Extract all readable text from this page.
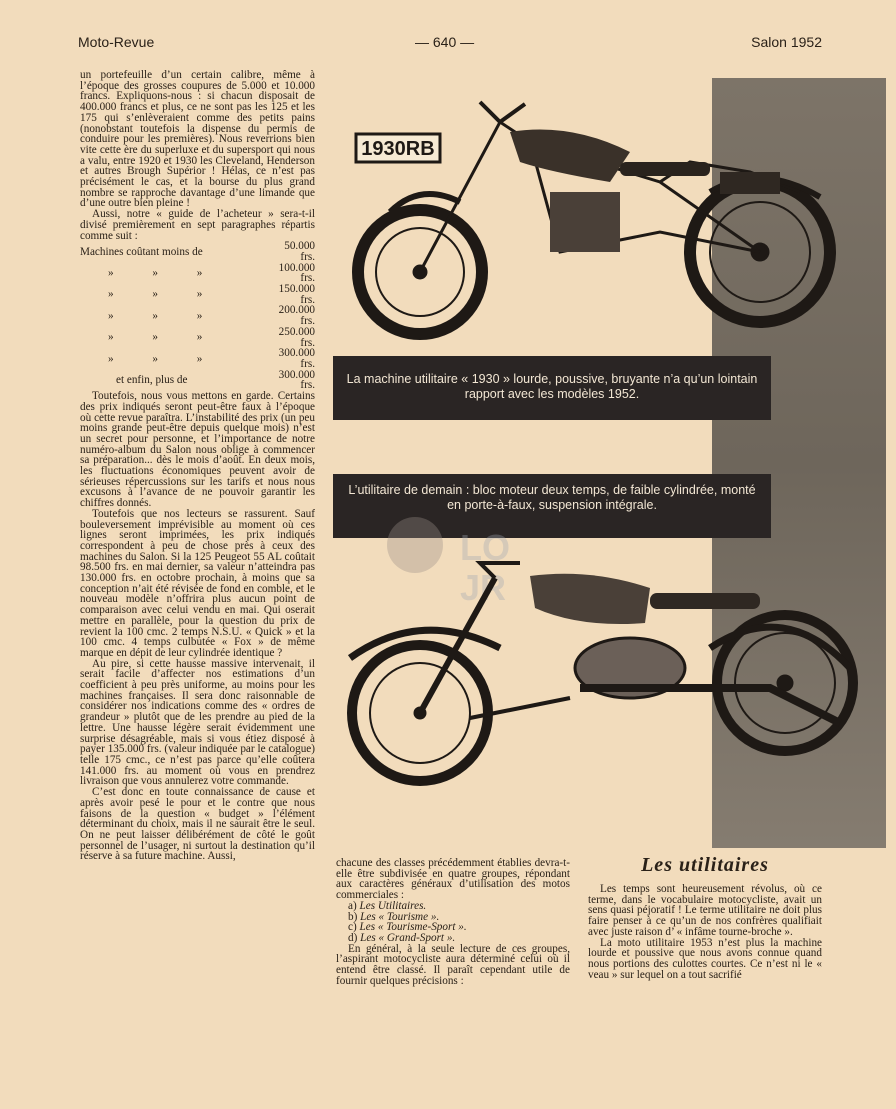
Moto-Revue	— 640 —	Salon 1952

un portefeuille d’un certain calibre, même à l’époque des grosses coupures de 5.000 et 10.000 francs. Expliquons-nous : si chacun disposait de 400.000 francs et plus, ce ne sont pas les 125 et les 175 qui s’enlèveraient comme des petits pains (nonobstant toutefois la dispense du permis de conduire pour les premières). Nous reverrions bien vite cette ère du superluxe et du supersport qui nous a valu, entre 1920 et 1930 les Cleveland, Henderson et autres Brough Supérior ! Hélas, ce n’est pas précisément le cas, et la bourse du plus grand nombre se rapproche davantage d’une limande que d’une outre bien pleine !

Aussi, notre « guide de l’acheteur » sera-t-il divisé premièrement en sept paragraphes répartis comme suit :

Machines coûtant moins de	50.000 frs.
» » »	100.000 frs.
» » »	150.000 frs.
» » »	200.000 frs.
» » »	250.000 frs.
» » »	300.000 frs.
et enfin, plus de	300.000 frs.

Toutefois, nous vous mettons en garde. Certains des prix indiqués seront peut-être faux à l’époque où cette revue paraîtra. L’instabilité des prix (un peu moins grande peut-être depuis quelque mois) n’est un secret pour personne, et l’importance de notre numéro-album du Salon nous oblige à commencer sa préparation... dès le mois d’août. En deux mois, les fluctuations économiques peuvent avoir de sérieuses répercussions sur les tarifs et nous nous excusons à l’avance de ne pouvoir garantir les chiffres donnés.

Toutefois que nos lecteurs se rassurent. Sauf bouleversement imprévisible au moment où ces lignes seront imprimées, les prix indiqués correspondent à peu de chose près à ceux des machines du Salon. Si la 125 Peugeot 55 AL coûtait 98.500 frs. en mai dernier, sa valeur n’atteindra pas 130.000 frs. en octobre prochain, à moins que sa conception n’ait été révisée de fond en comble, et le nouveau modèle n’offrira plus aucun point de comparaison avec celui vendu en mai. Qui oserait mettre en parallèle, pour la question du prix de revient la 100 cmc. 2 temps N.S.U. « Quick » et la 100 cmc. 4 temps culbutée « Fox » de même marque en dépit de leur cylindrée identique ?

Au pire, si cette hausse massive intervenait, il serait facile d’affecter nos estimations d’un coefficient à peu près uniforme, au moins pour les machines françaises. Il sera donc raisonnable de considérer nos indications comme des « ordres de grandeur » plutôt que de les prendre au pied de la lettre. Une hausse légère serait évidemment une surprise désagréable, mais si vous étiez disposé à payer 135.000 frs. (valeur indiquée par le catalogue) telle 175 cmc., ce n’est pas parce qu’elle coûtera 141.000 frs. au moment où vous en prendrez livraison que vous annulerez votre commande.

C’est donc en toute connaissance de cause et après avoir pesé le pour et le contre que nous faisons de la question « budget » l’élément déterminant du choix, mais il ne saurait être le seul. On ne peut laisser délibérément de côté le goût personnel de l’usager, ni surtout la destination qu’il réserve à sa future machine. Aussi,

1930RB
La machine utilitaire « 1930 » lourde, poussive, bruyante n’a qu’un lointain rapport avec les modèles 1952.
L’utilitaire de demain : bloc moteur deux temps, de faible cylindrée, monté en porte-à-faux, suspension intégrale.
LO
JR

chacune des classes précédemment établies devra-t-elle être subdivisée en quatre groupes, répondant aux caractères généraux d’utilisation des motos commerciales :

a) Les Utilitaires.
b) Les « Tourisme ».
c) Les « Tourisme-Sport ».
d) Les « Grand-Sport ».

En général, à la seule lecture de ces groupes, l’aspirant motocycliste aura déterminé celui où il entend être classé. Il paraît cependant utile de fournir quelques précisions :

Les utilitaires

Les temps sont heureusement révolus, où ce terme, dans le vocabulaire motocycliste, avait un sens quasi péjoratif ! Le terme utilitaire ne doit plus faire penser à ce qu’un de nos confrères qualifiait avec juste raison d’ « infâme tourne-broche ».

La moto utilitaire 1953 n’est plus la machine lourde et poussive que nous avons connue quand nous portions des culottes courtes. Ce n’est ni le « veau » sur lequel on a tout sacrifié
